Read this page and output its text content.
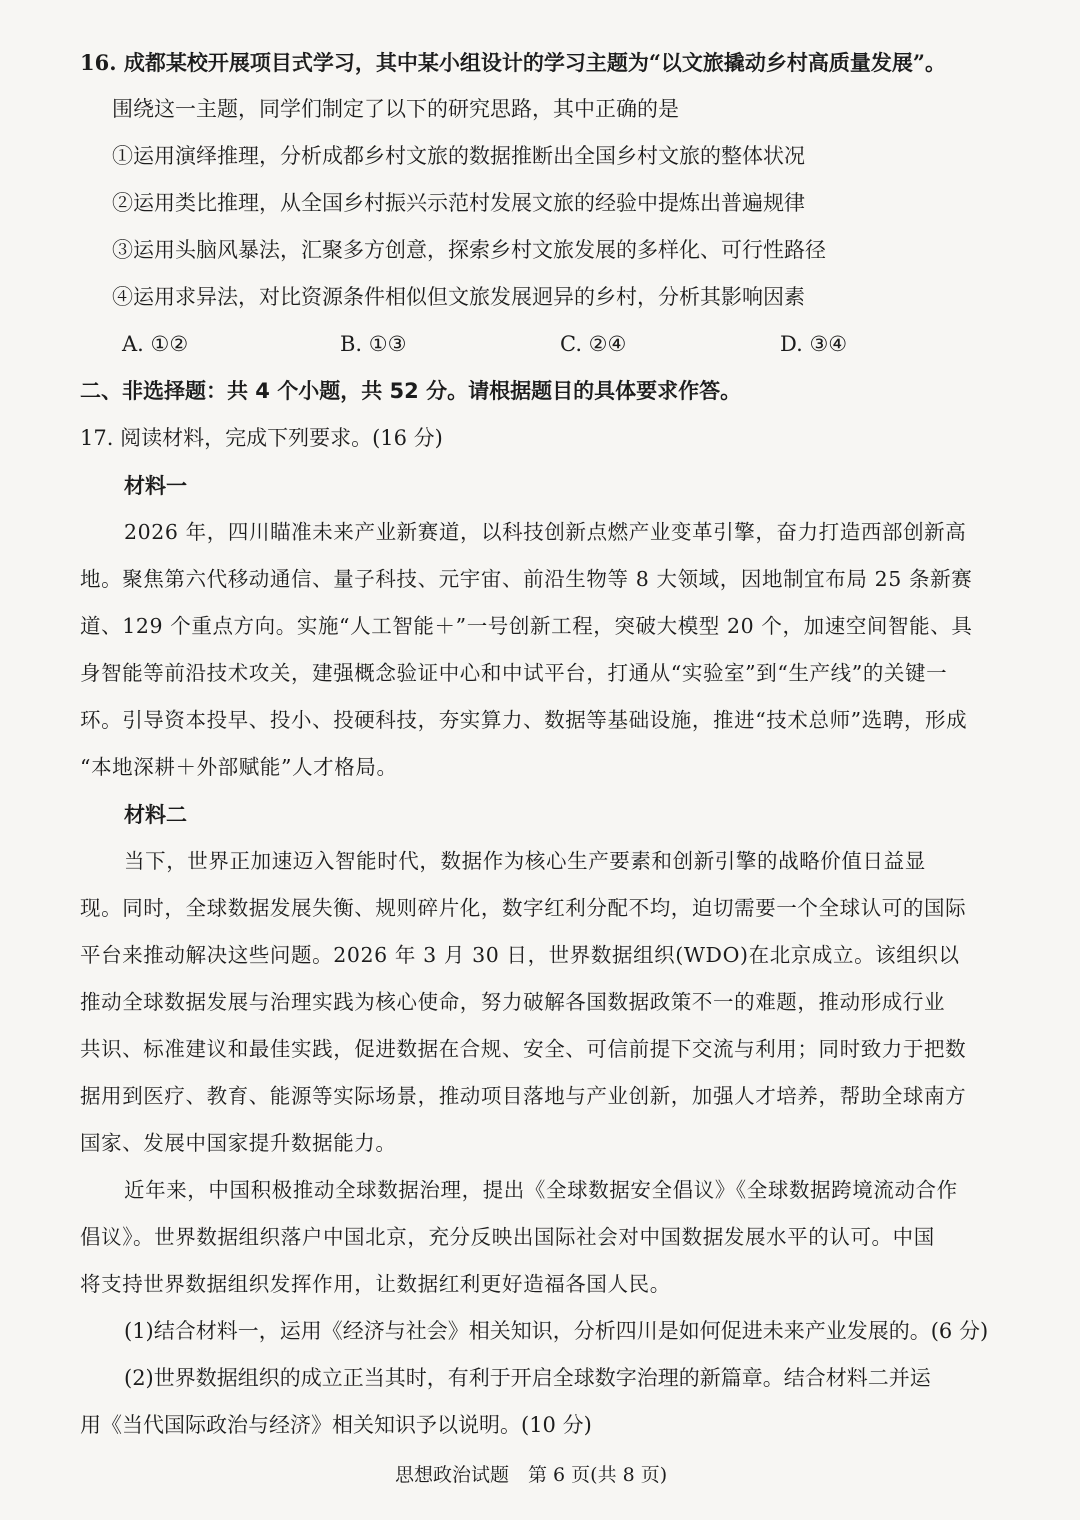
16. 成都某校开展项目式学习，其中某小组设计的学习主题为“以文旅撬动乡村高质量发展”。
围绕这一主题，同学们制定了以下的研究思路，其中正确的是
①运用演绎推理，分析成都乡村文旅的数据推断出全国乡村文旅的整体状况
②运用类比推理，从全国乡村振兴示范村发展文旅的经验中提炼出普遍规律
③运用头脑风暴法，汇聚多方创意，探索乡村文旅发展的多样化、可行性路径
④运用求异法，对比资源条件相似但文旅发展迥异的乡村，分析其影响因素
A. ①②	B. ①③	C. ②④	D. ③④
二、非选择题：共 4 个小题，共 52 分。请根据题目的具体要求作答。
17. 阅读材料，完成下列要求。(16 分)
材料一
2026 年，四川瞄准未来产业新赛道，以科技创新点燃产业变革引擎，奋力打造西部创新高
地。聚焦第六代移动通信、量子科技、元宇宙、前沿生物等 8 大领域，因地制宜布局 25 条新赛
道、129 个重点方向。实施“人工智能＋”一号创新工程，突破大模型 20 个，加速空间智能、具
身智能等前沿技术攻关，建强概念验证中心和中试平台，打通从“实验室”到“生产线”的关键一
环。引导资本投早、投小、投硬科技，夯实算力、数据等基础设施，推进“技术总师”选聘，形成
“本地深耕＋外部赋能”人才格局。
材料二
当下，世界正加速迈入智能时代，数据作为核心生产要素和创新引擎的战略价值日益显
现。同时，全球数据发展失衡、规则碎片化，数字红利分配不均，迫切需要一个全球认可的国际
平台来推动解决这些问题。2026 年 3 月 30 日，世界数据组织(WDO)在北京成立。该组织以
推动全球数据发展与治理实践为核心使命，努力破解各国数据政策不一的难题，推动形成行业
共识、标准建议和最佳实践，促进数据在合规、安全、可信前提下交流与利用；同时致力于把数
据用到医疗、教育、能源等实际场景，推动项目落地与产业创新，加强人才培养，帮助全球南方
国家、发展中国家提升数据能力。
近年来，中国积极推动全球数据治理，提出《全球数据安全倡议》《全球数据跨境流动合作
倡议》。世界数据组织落户中国北京，充分反映出国际社会对中国数据发展水平的认可。中国
将支持世界数据组织发挥作用，让数据红利更好造福各国人民。
(1)结合材料一，运用《经济与社会》相关知识，分析四川是如何促进未来产业发展的。(6 分)
(2)世界数据组织的成立正当其时，有利于开启全球数字治理的新篇章。结合材料二并运
用《当代国际政治与经济》相关知识予以说明。(10 分)
思想政治试题　第 6 页(共 8 页)
